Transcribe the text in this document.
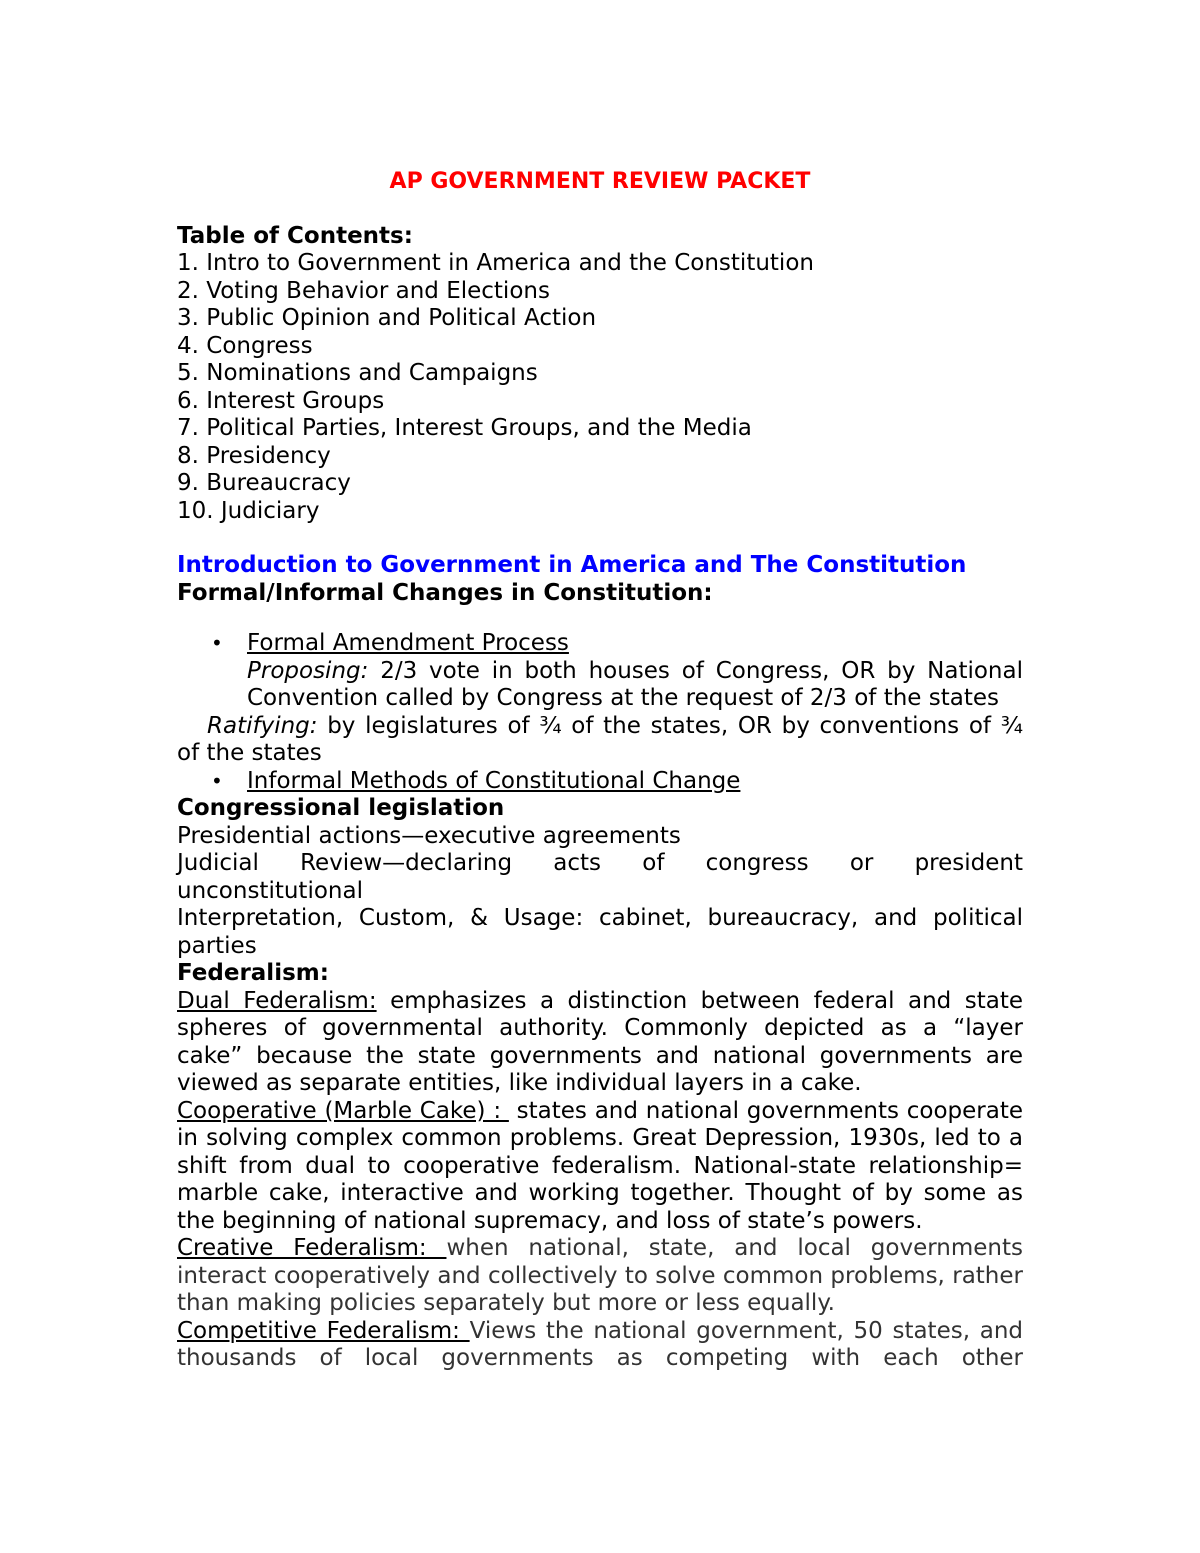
AP GOVERNMENT REVIEW PACKET
Table of Contents:
1. Intro to Government in America and the Constitution
2. Voting Behavior and Elections
3. Public Opinion and Political Action
4. Congress
5. Nominations and Campaigns
6. Interest Groups
7. Political Parties, Interest Groups, and the Media
8. Presidency
9. Bureaucracy
10. Judiciary
Introduction to Government in America and The Constitution
Formal/Informal Changes in Constitution:
• Formal Amendment Process
Proposing: 2/3 vote in both houses of Congress, OR by National
Convention called by Congress at the request of 2/3 of the states
Ratifying: by legislatures of ¾ of the states, OR by conventions of ¾
of the states
• Informal Methods of Constitutional Change
Congressional legislation
Presidential actions—executive agreements
Judicial Review—declaring acts of congress or president
unconstitutional
Interpretation, Custom, & Usage: cabinet, bureaucracy, and political parties
Federalism:
Dual Federalism: emphasizes a distinction between federal and state spheres of governmental authority. Commonly depicted as a “layer cake” because the state governments and national governments are viewed as separate entities, like individual layers in a cake.
Cooperative (Marble Cake) :  states and national governments cooperate in solving complex common problems. Great Depression, 1930s, led to a shift from dual to cooperative federalism. National-state relationship= marble cake, interactive and working together. Thought of by some as the beginning of national supremacy, and loss of state’s powers.
Creative Federalism: when national, state, and local governments interact cooperatively and collectively to solve common problems, rather than making policies separately but more or less equally.
Competitive Federalism: Views the national government, 50 states, and thousands of local governments as competing with each other
